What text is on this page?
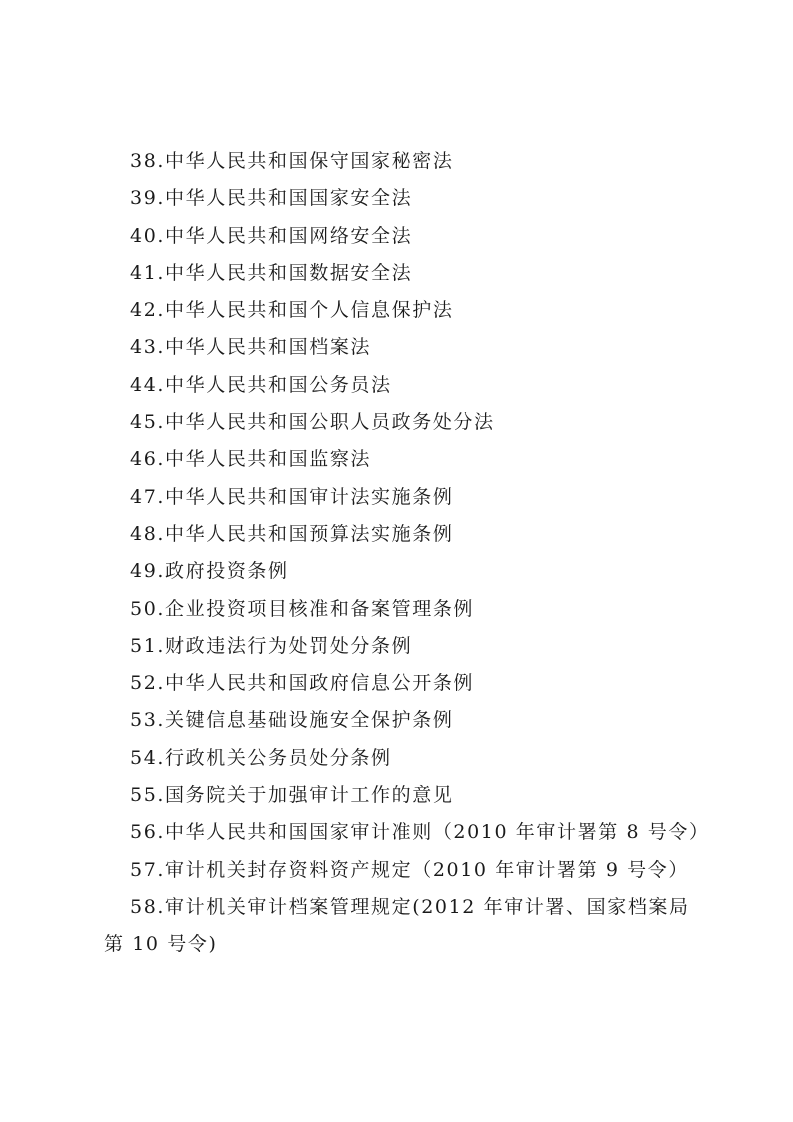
38.中华人民共和国保守国家秘密法
39.中华人民共和国国家安全法
40.中华人民共和国网络安全法
41.中华人民共和国数据安全法
42.中华人民共和国个人信息保护法
43.中华人民共和国档案法
44.中华人民共和国公务员法
45.中华人民共和国公职人员政务处分法
46.中华人民共和国监察法
47.中华人民共和国审计法实施条例
48.中华人民共和国预算法实施条例
49.政府投资条例
50.企业投资项目核准和备案管理条例
51.财政违法行为处罚处分条例
52.中华人民共和国政府信息公开条例
53.关键信息基础设施安全保护条例
54.行政机关公务员处分条例
55.国务院关于加强审计工作的意见
56.中华人民共和国国家审计准则（2010 年审计署第 8 号令）
57.审计机关封存资料资产规定（2010 年审计署第 9 号令）
58.审计机关审计档案管理规定(2012 年审计署、国家档案局第 10 号令)
